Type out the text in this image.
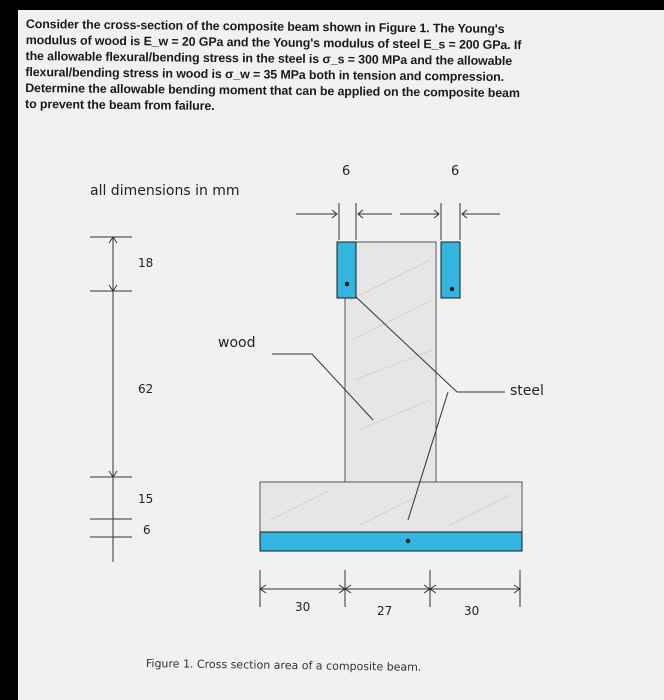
Consider the cross-section of the composite beam shown in Figure 1. The Young's
modulus of wood is E_w = 20 GPa and the Young's modulus of steel E_s = 200 GPa. If
the allowable flexural/bending stress in the steel is σ_s = 300 MPa and the allowable
flexural/bending stress in wood is σ_w = 35 MPa both in tension and compression.
Determine the allowable bending moment that can be applied on the composite beam
to prevent the beam from failure.
all dimensions in mm
6	6
18
62
15
6
wood
steel
30	27	30
Figure 1. Cross section area of a composite beam.
